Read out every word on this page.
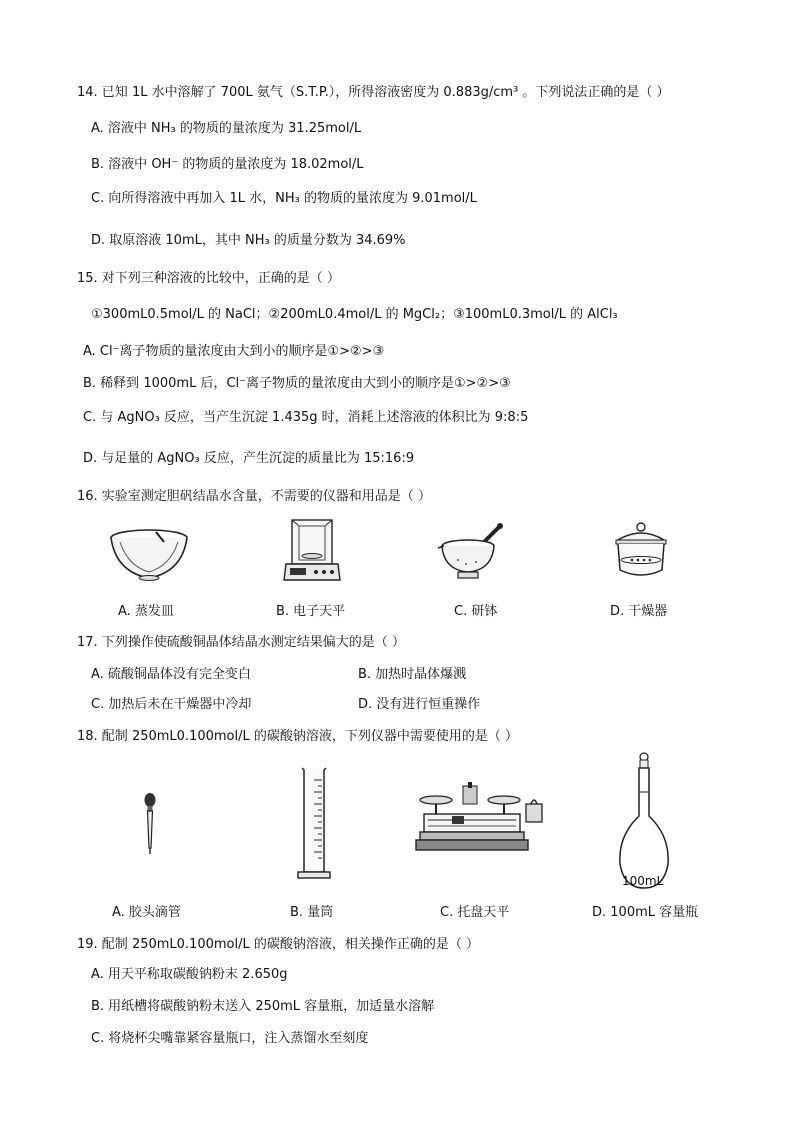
14. 已知 1L 水中溶解了 700L 氨气（S.T.P.），所得溶液密度为 0.883g/cm³ 。下列说法正确的是（ ）
A. 溶液中 NH₃ 的物质的量浓度为 31.25mol/L
B. 溶液中 OH⁻ 的物质的量浓度为 18.02mol/L
C. 向所得溶液中再加入 1L 水，NH₃ 的物质的量浓度为 9.01mol/L
D. 取原溶液 10mL，其中 NH₃ 的质量分数为 34.69%
15. 对下列三种溶液的比较中，正确的是（ ）
①300mL0.5mol/L 的 NaCl；②200mL0.4mol/L 的 MgCl₂；③100mL0.3mol/L 的 AlCl₃
A. Cl⁻离子物质的量浓度由大到小的顺序是①>②>③
B. 稀释到 1000mL 后，Cl⁻离子物质的量浓度由大到小的顺序是①>②>③
C. 与 AgNO₃ 反应，当产生沉淀 1.435g 时，消耗上述溶液的体积比为 9:8:5
D. 与足量的 AgNO₃ 反应，产生沉淀的质量比为 15:16:9
16. 实验室测定胆矾结晶水含量，不需要的仪器和用品是（ ）
A. 蒸发皿	B. 电子天平	C. 研钵	D. 干燥器
17. 下列操作使硫酸铜晶体结晶水测定结果偏大的是（ ）
A. 硫酸铜晶体没有完全变白	B. 加热时晶体爆溅
C. 加热后未在干燥器中冷却	D. 没有进行恒重操作
18. 配制 250mL0.100mol/L 的碳酸钠溶液，下列仪器中需要使用的是（ ）
100mL
A. 胶头滴管	B. 量筒	C. 托盘天平	D. 100mL 容量瓶
19. 配制 250mL0.100mol/L 的碳酸钠溶液，相关操作正确的是（ ）
A. 用天平称取碳酸钠粉末 2.650g
B. 用纸槽将碳酸钠粉末送入 250mL 容量瓶，加适量水溶解
C. 将烧杯尖嘴靠紧容量瓶口，注入蒸馏水至刻度
